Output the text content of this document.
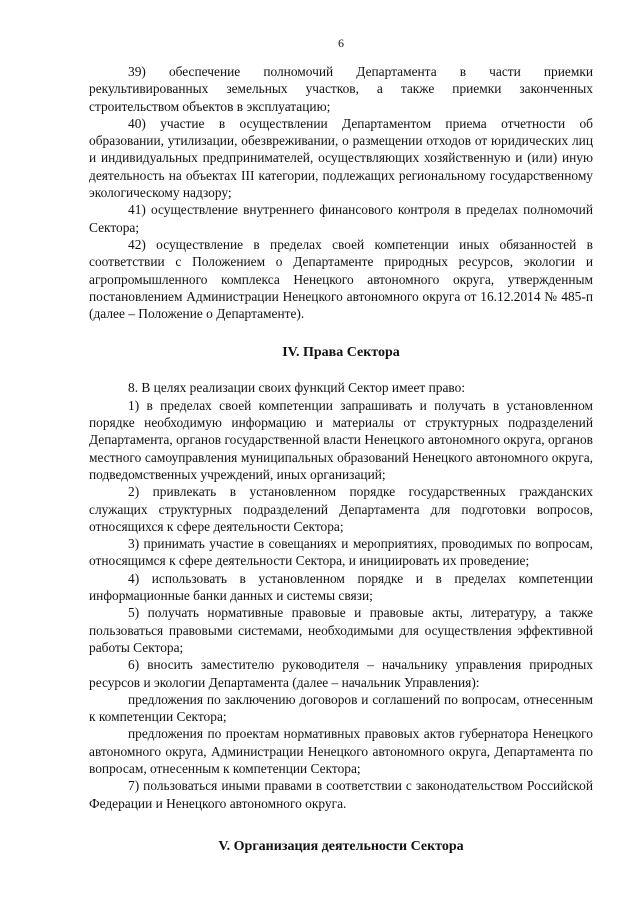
6

39) обеспечение полномочий Департамента в части приемки рекультивированных земельных участков, а также приемки законченных строительством объектов в эксплуатацию;

40) участие в осуществлении Департаментом приема отчетности об образовании, утилизации, обезвреживании, о размещении отходов от юридических лиц и индивидуальных предпринимателей, осуществляющих хозяйственную и (или) иную деятельность на объектах III категории, подлежащих региональному государственному экологическому надзору;

41) осуществление внутреннего финансового контроля в пределах полномочий Сектора;

42) осуществление в пределах своей компетенции иных обязанностей в соответствии с Положением о Департаменте природных ресурсов, экологии и агропромышленного комплекса Ненецкого автономного округа, утвержденным постановлением Администрации Ненецкого автономного округа от 16.12.2014 № 485-п (далее – Положение о Департаменте).

IV. Права Сектора

8. В целях реализации своих функций Сектор имеет право:

1) в пределах своей компетенции запрашивать и получать в установленном порядке необходимую информацию и материалы от структурных подразделений Департамента, органов государственной власти Ненецкого автономного округа, органов местного самоуправления муниципальных образований Ненецкого автономного округа, подведомственных учреждений, иных организаций;

2) привлекать в установленном порядке государственных гражданских служащих структурных подразделений Департамента для подготовки вопросов, относящихся к сфере деятельности Сектора;

3) принимать участие в совещаниях и мероприятиях, проводимых по вопросам, относящимся к сфере деятельности Сектора, и инициировать их проведение;

4) использовать в установленном порядке и в пределах компетенции информационные банки данных и системы связи;

5) получать нормативные правовые и правовые акты, литературу, а также пользоваться правовыми системами, необходимыми для осуществления эффективной работы Сектора;

6) вносить заместителю руководителя – начальнику управления природных ресурсов и экологии Департамента (далее – начальник Управления):

предложения по заключению договоров и соглашений по вопросам, отнесенным к компетенции Сектора;

предложения по проектам нормативных правовых актов губернатора Ненецкого автономного округа, Администрации Ненецкого автономного округа, Департамента по вопросам, отнесенным к компетенции Сектора;

7) пользоваться иными правами в соответствии с законодательством Российской Федерации и Ненецкого автономного округа.

V. Организация деятельности Сектора
